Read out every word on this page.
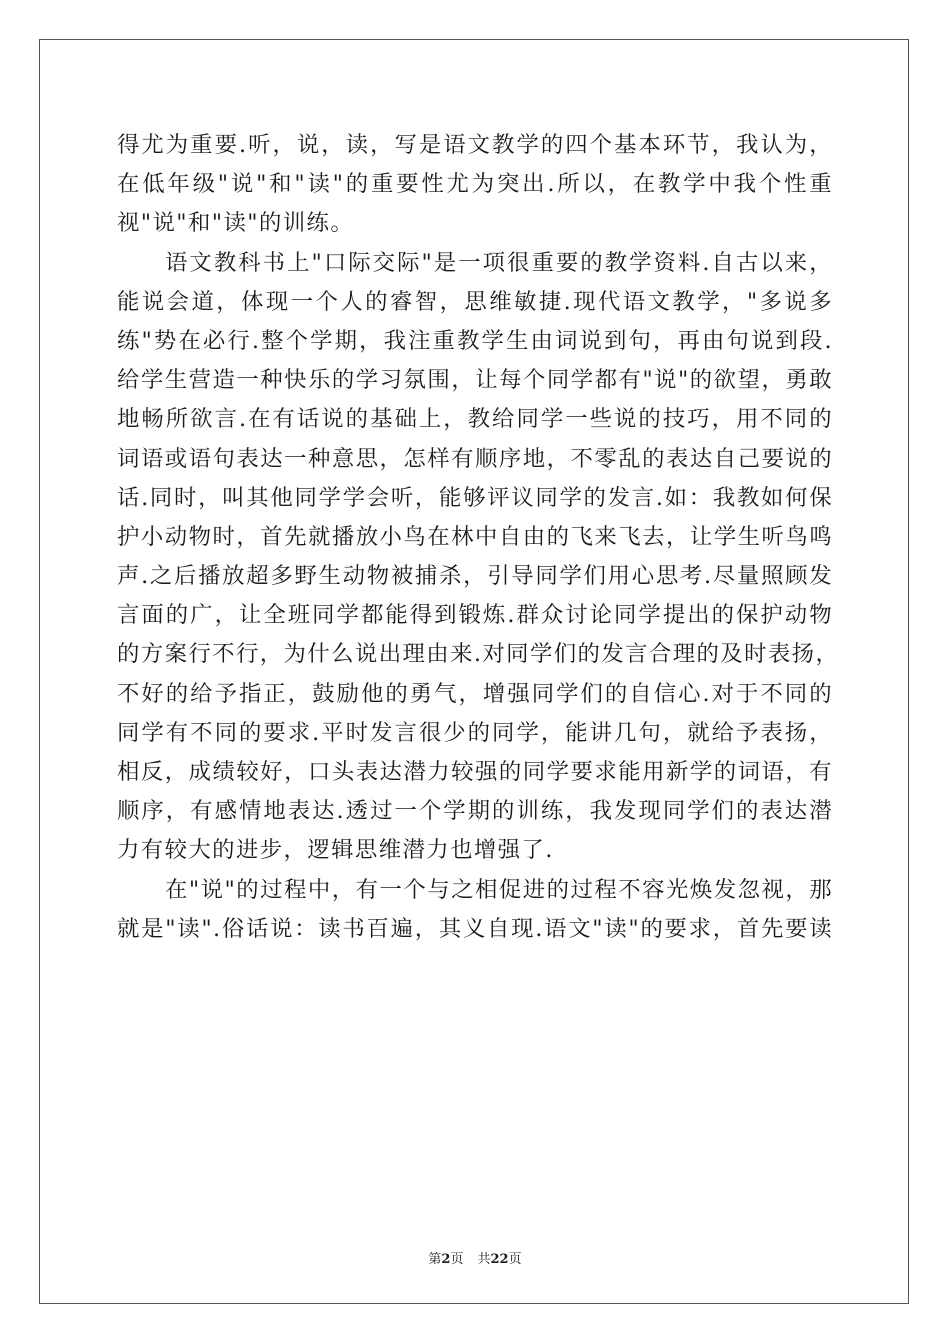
得尤为重要.听，说，读，写是语文教学的四个基本环节，我认为，
在低年级"说"和"读"的重要性尤为突出.所以，在教学中我个性重
视"说"和"读"的训练。
语文教科书上"口际交际"是一项很重要的教学资料.自古以来，
能说会道，体现一个人的睿智，思维敏捷.现代语文教学，"多说多
练"势在必行.整个学期，我注重教学生由词说到句，再由句说到段.
给学生营造一种快乐的学习氛围，让每个同学都有"说"的欲望，勇敢
地畅所欲言.在有话说的基础上，教给同学一些说的技巧，用不同的
词语或语句表达一种意思，怎样有顺序地，不零乱的表达自己要说的
话.同时，叫其他同学学会听，能够评议同学的发言.如：我教如何保
护小动物时，首先就播放小鸟在林中自由的飞来飞去，让学生听鸟鸣
声.之后播放超多野生动物被捕杀，引导同学们用心思考.尽量照顾发
言面的广，让全班同学都能得到锻炼.群众讨论同学提出的保护动物
的方案行不行，为什么说出理由来.对同学们的发言合理的及时表扬，
不好的给予指正，鼓励他的勇气，增强同学们的自信心.对于不同的
同学有不同的要求.平时发言很少的同学，能讲几句，就给予表扬，
相反，成绩较好，口头表达潜力较强的同学要求能用新学的词语，有
顺序，有感情地表达.透过一个学期的训练，我发现同学们的表达潜
力有较大的进步，逻辑思维潜力也增强了.
在"说"的过程中，有一个与之相促进的过程不容光焕发忽视，那
就是"读".俗话说：读书百遍，其义自现.语文"读"的要求，首先要读
第2页 共22页
